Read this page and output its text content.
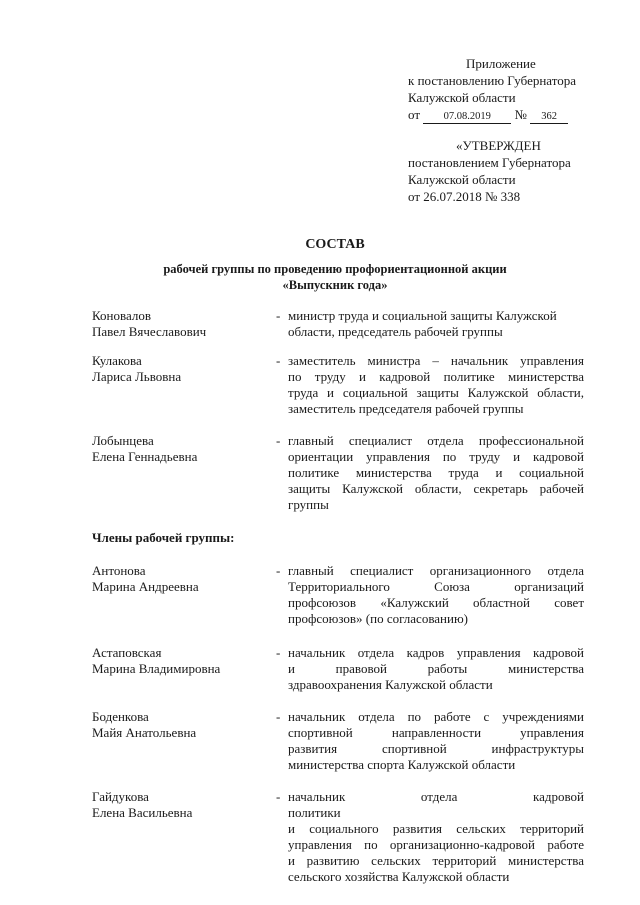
Приложение
к постановлению Губернатора
Калужской области
от 07.08.2019 № 362
«УТВЕРЖДЕН
постановлением Губернатора
Калужской области
от 26.07.2018 № 338
СОСТАВ
рабочей группы по проведению профориентационной акции
«Выпускник года»
Коновалов
Павел Вячеславович
- министр труда и социальной защиты Калужской
области, председатель рабочей группы
Кулакова
Лариса Львовна
- заместитель министра – начальник управления
по труду и кадровой политике министерства
труда и социальной защиты Калужской области,
заместитель председателя рабочей группы
Лобынцева
Елена Геннадьевна
- главный специалист отдела профессиональной
ориентации управления по труду и кадровой
политике министерства труда и социальной
защиты Калужской области, секретарь рабочей
группы
Члены рабочей группы:
Антонова
Марина Андреевна
- главный специалист организационного отдела
Территориального Союза организаций
профсоюзов «Калужский областной совет
профсоюзов» (по согласованию)
Астаповская
Марина Владимировна
- начальник отдела кадров управления кадровой
и правовой работы министерства
здравоохранения Калужской области
Боденкова
Майя Анатольевна
- начальник отдела по работе с учреждениями
спортивной направленности управления
развития спортивной инфраструктуры
министерства спорта Калужской области
Гайдукова
Елена Васильевна
- начальник отдела кадровой политики
и социального развития сельских территорий
управления по организационно-кадровой работе
и развитию сельских территорий министерства
сельского хозяйства Калужской области
